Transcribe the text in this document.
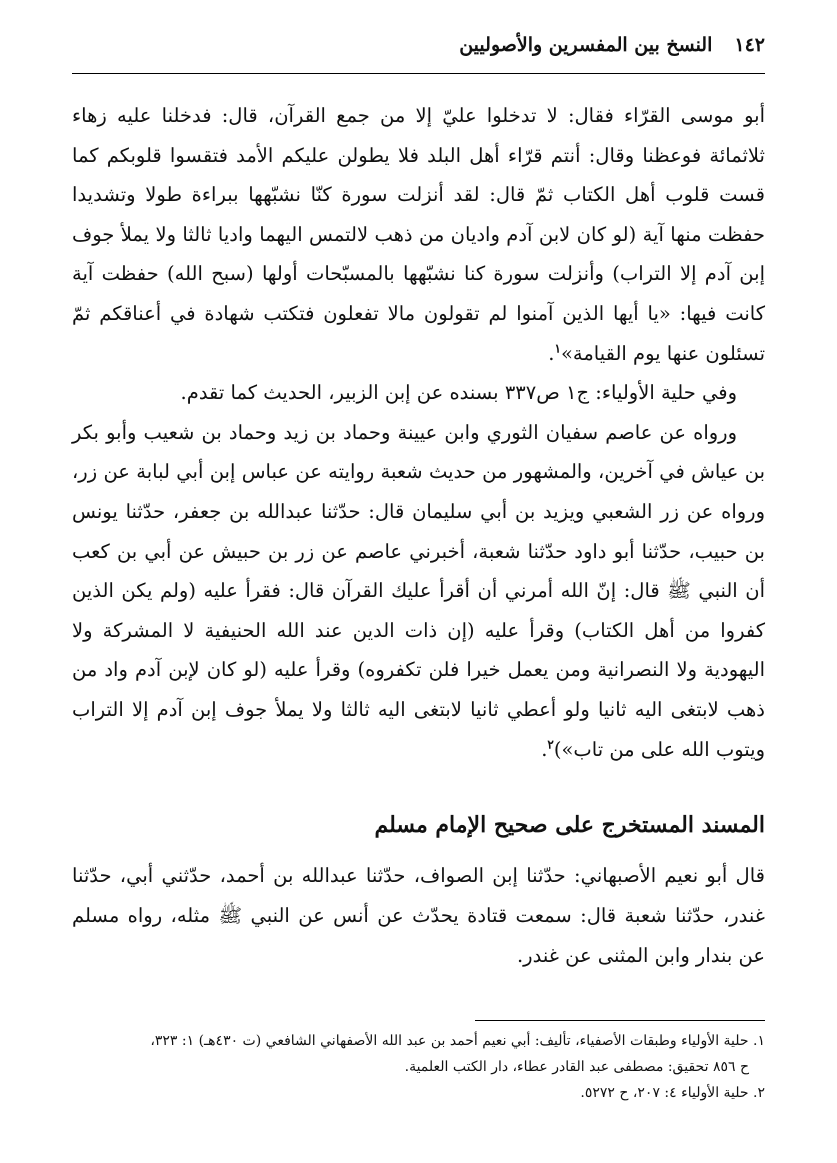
١٤٢
النسخ بين المفسرين والأصوليين

أبو موسى القرّاء فقال: لا تدخلوا عليّ إلا من جمع القرآن، قال: فدخلنا عليه زهاء ثلاثمائة فوعظنا وقال: أنتم قرّاء أهل البلد فلا يطولن عليكم الأمد فتقسوا قلوبكم كما قست قلوب أهل الكتاب ثمّ قال: لقد أنزلت سورة كنّا نشبّهها ببراءة طولا وتشديدا حفظت منها آية (لو كان لابن آدم واديان من ذهب لالتمس اليهما واديا ثالثا ولا يملأ جوف إبن آدم إلا التراب) وأنزلت سورة كنا نشبّهها بالمسبّحات أولها (سبح الله) حفظت آية كانت فيها: «يا أيها الذين آمنوا لم تقولون مالا تفعلون فتكتب شهادة في أعناقكم ثمّ تسئلون عنها يوم القيامة»$^١$.

وفي حلية الأولياء: ج١ ص٣٣٧ بسنده عن إبن الزبير، الحديث كما تقدم.

ورواه عن عاصم سفيان الثوري وابن عيينة وحماد بن زيد وحماد بن شعيب وأبو بكر بن عياش في آخرين، والمشهور من حديث شعبة روايته عن عباس إبن أبي لبابة عن زر، ورواه عن زر الشعبي ويزيد بن أبي سليمان قال: حدّثنا عبدالله بن جعفر، حدّثنا يونس بن حبيب، حدّثنا أبو داود حدّثنا شعبة، أخبرني عاصم عن زر بن حبيش عن أبي بن كعب أن النبي ﷺ قال: إنّ الله أمرني أن أقرأ عليك القرآن قال: فقرأ عليه (ولم يكن الذين كفروا من أهل الكتاب) وقرأ عليه (إن ذات الدين عند الله الحنيفية لا المشركة ولا اليهودية ولا النصرانية ومن يعمل خيرا فلن تكفروه) وقرأ عليه (لو كان لإبن آدم واد من ذهب لابتغى اليه ثانيا ولو أعطي ثانيا لابتغى اليه ثالثا ولا يملأ جوف إبن آدم إلا التراب ويتوب الله على من تاب»)$^٢$.

المسند المستخرج على صحيح الإمام مسلم

قال أبو نعيم الأصبهاني: حدّثنا إبن الصواف، حدّثنا عبدالله بن أحمد، حدّثني أبي، حدّثنا غندر، حدّثنا شعبة قال: سمعت قتادة يحدّث عن أنس عن النبي ﷺ مثله، رواه مسلم عن بندار وابن المثنى عن غندر.

١. حلية الأولياء وطبقات الأصفياء، تأليف: أبي نعيم أحمد بن عبد الله الأصفهاني الشافعي (ت ٤٣٠هـ) ١: ٣٢٣،

ح ٨٥٦ تحقيق: مصطفى عبد القادر عطاء، دار الكتب العلمية.

٢. حلية الأولياء ٤: ٢٠٧، ح ٥٢٧٢.
